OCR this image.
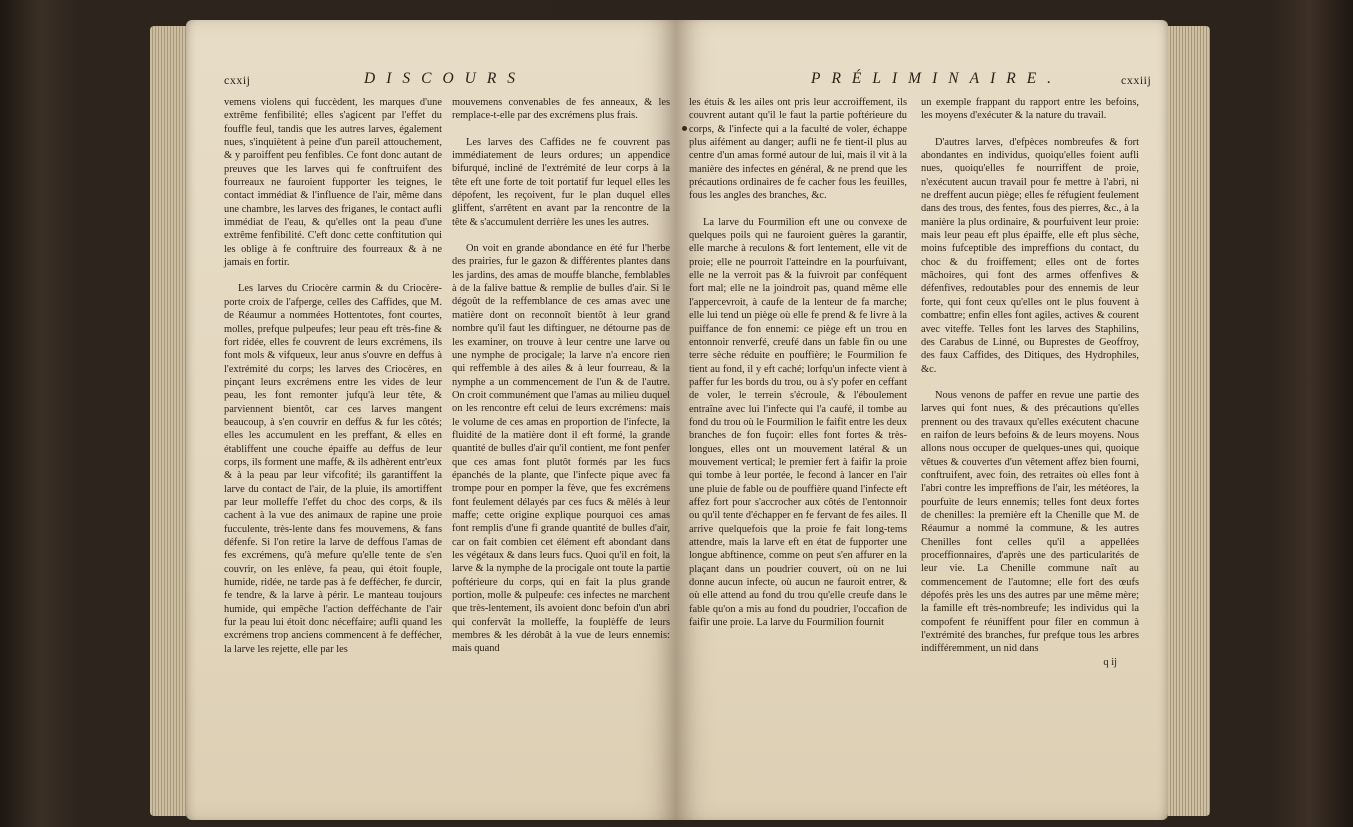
cxxij	DISCOURS

vemens violens qui fuccèdent, les marques d'une extrême fenfibilité; elles s'agicent par l'effet du fouffle feul, tandis que les autres larves, également nues, s'inquiètent à peine d'un pareil attouchement, & y paroiffent peu fenfibles. Ce font donc autant de preuves que les larves qui fe conftruifent des fourreaux ne fauroient fupporter les teignes, le contact immédiat & l'influence de l'air, même dans une chambre, les larves des friganes, le contact aufli immédiat de l'eau, & qu'elles ont la peau d'une extrême fenfibilité. C'eft donc cette conftitution qui les oblige à fe conftruire des fourreaux & à ne jamais en fortir.

Les larves du Criocère carmin & du Criocère-porte croix de l'afperge, celles des Caffides, que M. de Réaumur a nommées Hottentotes, font courtes, molles, prefque pulpeufes; leur peau eft très-fine & fort ridée, elles fe couvrent de leurs excrémens, ils font mols & vifqueux, leur anus s'ouvre en deffus à l'extrémité du corps; les larves des Criocères, en pinçant leurs excrémens entre les vides de leur peau, les font remonter jufqu'à leur tête, & parviennent bientôt, car ces larves mangent beaucoup, à s'en couvrir en deffus & fur les côtés; elles les accumulent en les preffant, & elles en établiffent une couche épaiffe au deffus de leur corps, ils forment une maffe, & ils adhèrent entr'eux & à la peau par leur vifcofité; ils garantiffent la larve du contact de l'air, de la pluie, ils amortiffent par leur molleffe l'effet du choc des corps, & ils cachent à la vue des animaux de rapine une proie fucculente, très-lente dans fes mouvemens, & fans défenfe. Si l'on retire la larve de deffous l'amas de fes excrémens, qu'à mefure qu'elle tente de s'en couvrir, on les enlève, fa peau, qui étoit fouple, humide, ridée, ne tarde pas à fe deffécher, fe durcir, fe tendre, & la larve à périr. Le manteau toujours humide, qui empêche l'action defféchante de l'air fur la peau lui étoit donc néceffaire; aufli quand les excrémens trop anciens commencent à fe deffécher, la larve les rejette, elle par les

mouvemens convenables de fes anneaux, & les remplace-t-elle par des excrémens plus frais.

Les larves des Caffides ne fe couvrent pas immédiatement de leurs ordures; un appendice bifurqué, incliné de l'extrémité de leur corps à la tête eft une forte de toit portatif fur lequel elles les dépofent, les reçoivent, fur le plan duquel elles gliffent, s'arrêtent en avant par la rencontre de la tête & s'accumulent derrière les unes les autres.

On voit en grande abondance en été fur l'herbe des prairies, fur le gazon & différentes plantes dans les jardins, des amas de mouffe blanche, femblables à de la falive battue & remplie de bulles d'air. Si le dégoût de la reffemblance de ces amas avec une matière dont on reconnoît bientôt à leur grand nombre qu'il faut les diftinguer, ne détourne pas de les examiner, on trouve à leur centre une larve ou une nymphe de procigale; la larve n'a encore rien qui reffemble à des ailes & à leur fourreau, & la nymphe a un commencement de l'un & de l'autre. On croit communément que l'amas au milieu duquel on les rencontre eft celui de leurs excrémens: mais le volume de ces amas en proportion de l'infecte, la fluidité de la matière dont il eft formé, la grande quantité de bulles d'air qu'il contient, me font penfer que ces amas font plutôt formés par les fucs épanchés de la plante, que l'infecte pique avec fa trompe pour en pomper la fève, que fes excrémens font feulement délayés par ces fucs & mêlés à leur maffe; cette origine explique pourquoi ces amas font remplis d'une fi grande quantité de bulles d'air, car on fait combien cet élément eft abondant dans les végétaux & dans leurs fucs. Quoi qu'il en foit, la larve & la nymphe de la procigale ont toute la partie poftérieure du corps, qui en fait la plus grande portion, molle & pulpeufe: ces infectes ne marchent que très-lentement, ils avoient donc befoin d'un abri qui confervât la molleffe, la fouplèffe de leurs membres & les dérobât à la vue de leurs ennemis: mais quand

PRÉLIMINAIRE.	cxxiij

les étuis & les ailes ont pris leur accroiffement, ils couvrent autant qu'il le faut la partie poftérieure du corps, & l'infecte qui a la faculté de voler, échappe plus aifément au danger; aufli ne fe tient-il plus au centre d'un amas formé autour de lui, mais il vit à la manière des infectes en général, & ne prend que les précautions ordinaires de fe cacher fous les feuilles, fous les angles des branches, &c.

La larve du Fourmilion eft une ou convexe de quelques poils qui ne fauroient guères la garantir, elle marche à reculons & fort lentement, elle vit de proie; elle ne pourroit l'atteindre en la pourfuivant, elle ne la verroit pas & la fuivroit par conféquent fort mal; elle ne la joindroit pas, quand même elle l'appercevroit, à caufe de la lenteur de fa marche; elle lui tend un piège où elle fe prend & fe livre à la puiffance de fon ennemi: ce piège eft un trou en entonnoir renverfé, creufé dans un fable fin ou une terre sèche réduite en pouffière; le Fourmilion fe tient au fond, il y eft caché; lorfqu'un infecte vient à paffer fur les bords du trou, ou à s'y pofer en ceffant de voler, le terrein s'écroule, & l'éboulement entraîne avec lui l'infecte qui l'a caufé, il tombe au fond du trou où le Fourmilion le faifit entre les deux branches de fon fuçoir: elles font fortes & très-longues, elles ont un mouvement latéral & un mouvement vertical; le premier fert à faifir la proie qui tombe à leur portée, le fecond à lancer en l'air une pluie de fable ou de pouffière quand l'infecte eft affez fort pour s'accrocher aux côtés de l'entonnoir ou qu'il tente d'échapper en fe fervant de fes ailes. Il arrive quelquefois que la proie fe fait long-tems attendre, mais la larve eft en état de fupporter une longue abftinence, comme on peut s'en affurer en la plaçant dans un poudrier couvert, où on ne lui donne aucun infecte, où aucun ne fauroit entrer, & où elle attend au fond du trou qu'elle creufe dans le fable qu'on a mis au fond du poudrier, l'occafion de faifir une proie. La larve du Fourmilion fournit

un exemple frappant du rapport entre les befoins, les moyens d'exécuter & la nature du travail.

D'autres larves, d'efpèces nombreufes & fort abondantes en individus, quoiqu'elles foient aufli nues, quoiqu'elles fe nourriffent de proie, n'exécutent aucun travail pour fe mettre à l'abri, ni ne dreffent aucun piège; elles fe réfugient feulement dans des trous, des fentes, fous des pierres, &c., à la manière la plus ordinaire, & pourfuivent leur proie: mais leur peau eft plus épaiffe, elle eft plus sèche, moins fufceptible des impreffions du contact, du choc & du froiffement; elles ont de fortes mâchoires, qui font des armes offenfives & défenfives, redoutables pour des ennemis de leur forte, qui font ceux qu'elles ont le plus fouvent à combattre; enfin elles font agiles, actives & courent avec viteffe. Telles font les larves des Staphilins, des Carabus de Linné, ou Buprestes de Geoffroy, des faux Caffides, des Ditiques, des Hydrophiles, &c.

Nous venons de paffer en revue une partie des larves qui font nues, & des précautions qu'elles prennent ou des travaux qu'elles exécutent chacune en raifon de leurs befoins & de leurs moyens. Nous allons nous occuper de quelques-unes qui, quoique vêtues & couvertes d'un vêtement affez bien fourni, conftruifent, avec foin, des retraites où elles font à l'abri contre les impreffions de l'air, les météores, la pourfuite de leurs ennemis; telles font deux fortes de chenilles: la première eft la Chenille que M. de Réaumur a nommé la commune, & les autres Chenilles font celles qu'il a appellées proceffionnaires, d'après une des particularités de leur vie. La Chenille commune naît au commencement de l'automne; elle fort des œufs dépofés près les uns des autres par une même mère; la famille eft très-nombreufe; les individus qui la compofent fe réuniffent pour filer en commun à l'extrémité des branches, fur prefque tous les arbres indifféremment, un nid dans

q ij
